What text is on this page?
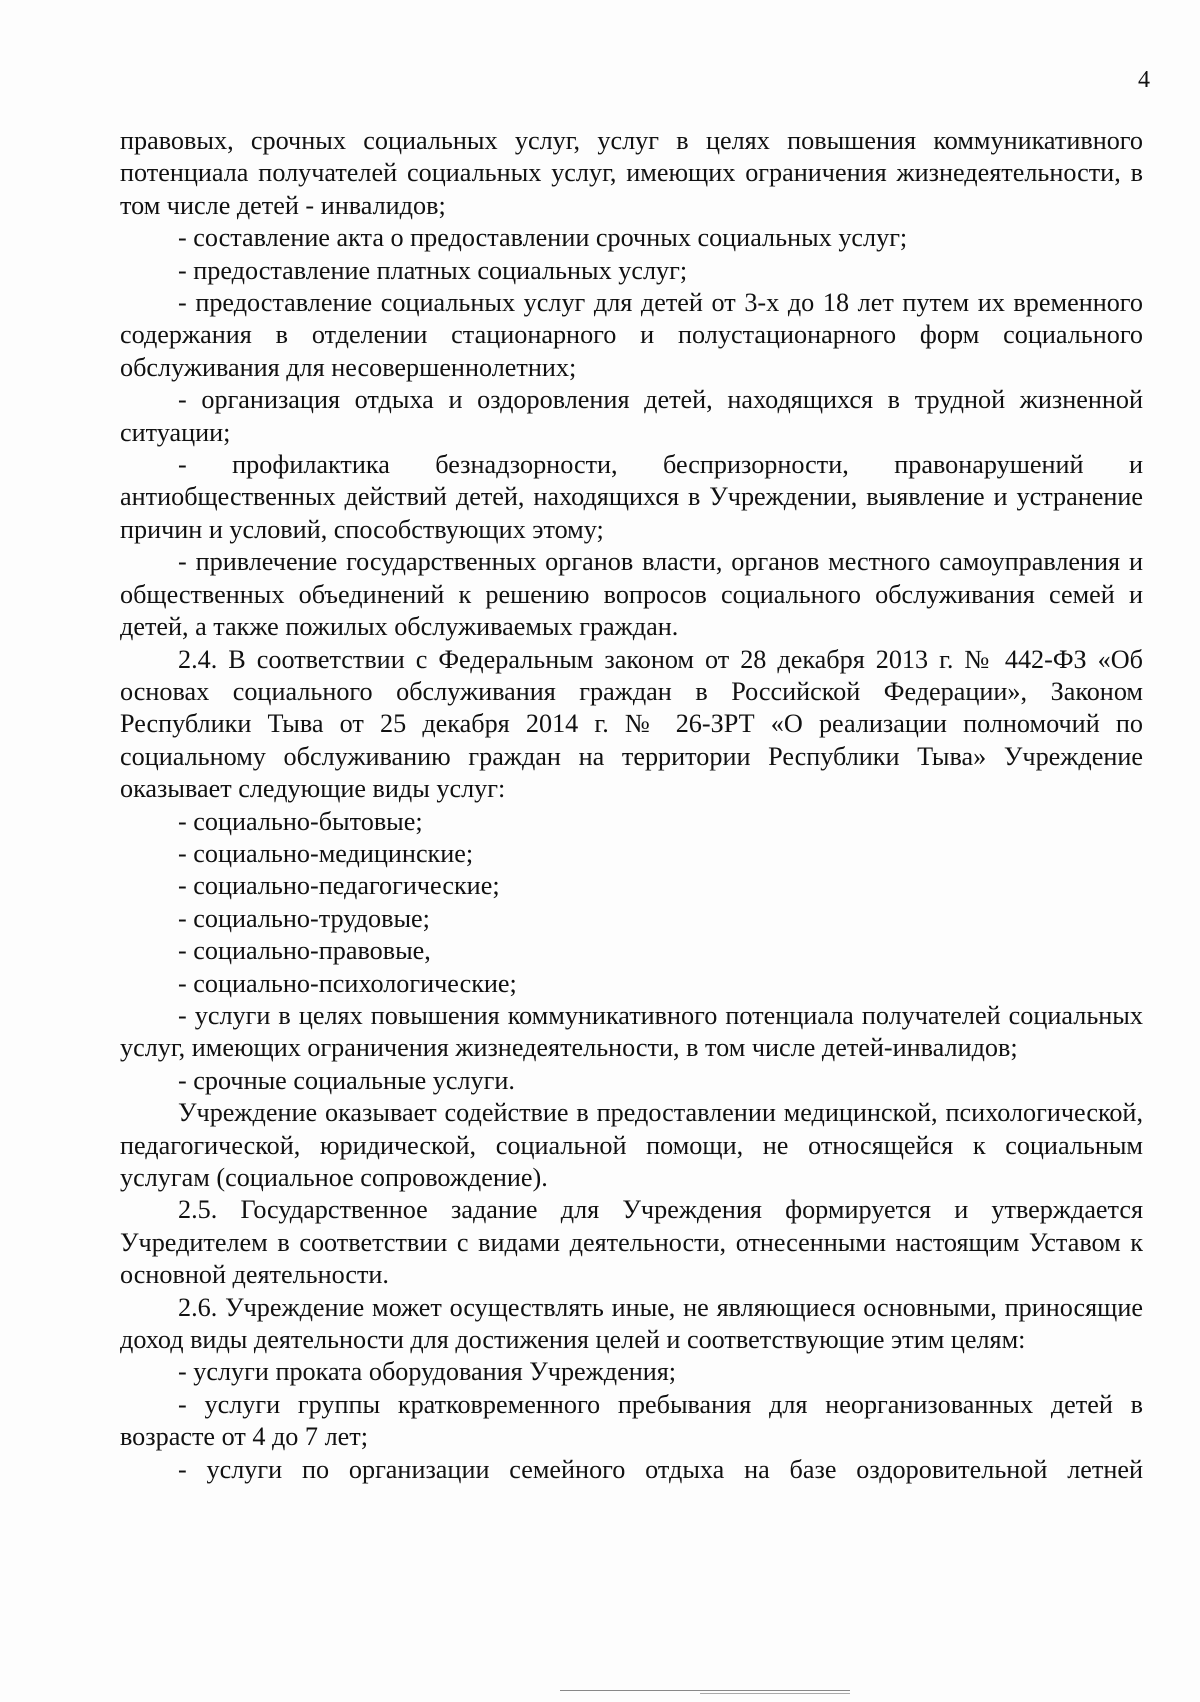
4

правовых, срочных социальных услуг, услуг в целях повышения коммуникативного потенциала получателей социальных услуг, имеющих ограничения жизнедеятельности, в том числе детей - инвалидов;

- составление акта о предоставлении срочных социальных услуг;

- предоставление платных социальных услуг;

- предоставление социальных услуг для детей от 3-х до 18 лет путем их временного содержания в отделении стационарного и полустационарного форм социального обслуживания для несовершеннолетних;

- организация отдыха и оздоровления детей, находящихся в трудной жизненной ситуации;

- профилактика безнадзорности, беспризорности, правонарушений и антиобщественных действий детей, находящихся в Учреждении, выявление и устранение причин и условий, способствующих этому;

- привлечение государственных органов власти, органов местного самоуправления и общественных объединений к решению вопросов социального обслуживания семей и детей, а также пожилых обслуживаемых граждан.

2.4. В соответствии с Федеральным законом от 28 декабря 2013 г. № 442-ФЗ «Об основах социального обслуживания граждан в Российской Федерации», Законом Республики Тыва от 25 декабря 2014 г. № 26-ЗРТ «О реализации полномочий по социальному обслуживанию граждан на территории Республики Тыва» Учреждение оказывает следующие виды услуг:

- социально-бытовые;

- социально-медицинские;

- социально-педагогические;

- социально-трудовые;

- социально-правовые,

- социально-психологические;

- услуги в целях повышения коммуникативного потенциала получателей социальных услуг, имеющих ограничения жизнедеятельности, в том числе детей-инвалидов;

- срочные социальные услуги.

Учреждение оказывает содействие в предоставлении медицинской, психологической, педагогической, юридической, социальной помощи, не относящейся к социальным услугам (социальное сопровождение).

2.5. Государственное задание для Учреждения формируется и утверждается Учредителем в соответствии с видами деятельности, отнесенными настоящим Уставом к основной деятельности.

2.6. Учреждение может осуществлять иные, не являющиеся основными, приносящие доход виды деятельности для достижения целей и соответствующие этим целям:

- услуги проката оборудования Учреждения;

- услуги группы кратковременного пребывания для неорганизованных детей в возрасте от 4 до 7 лет;

- услуги по организации семейного отдыха на базе оздоровительной летней
